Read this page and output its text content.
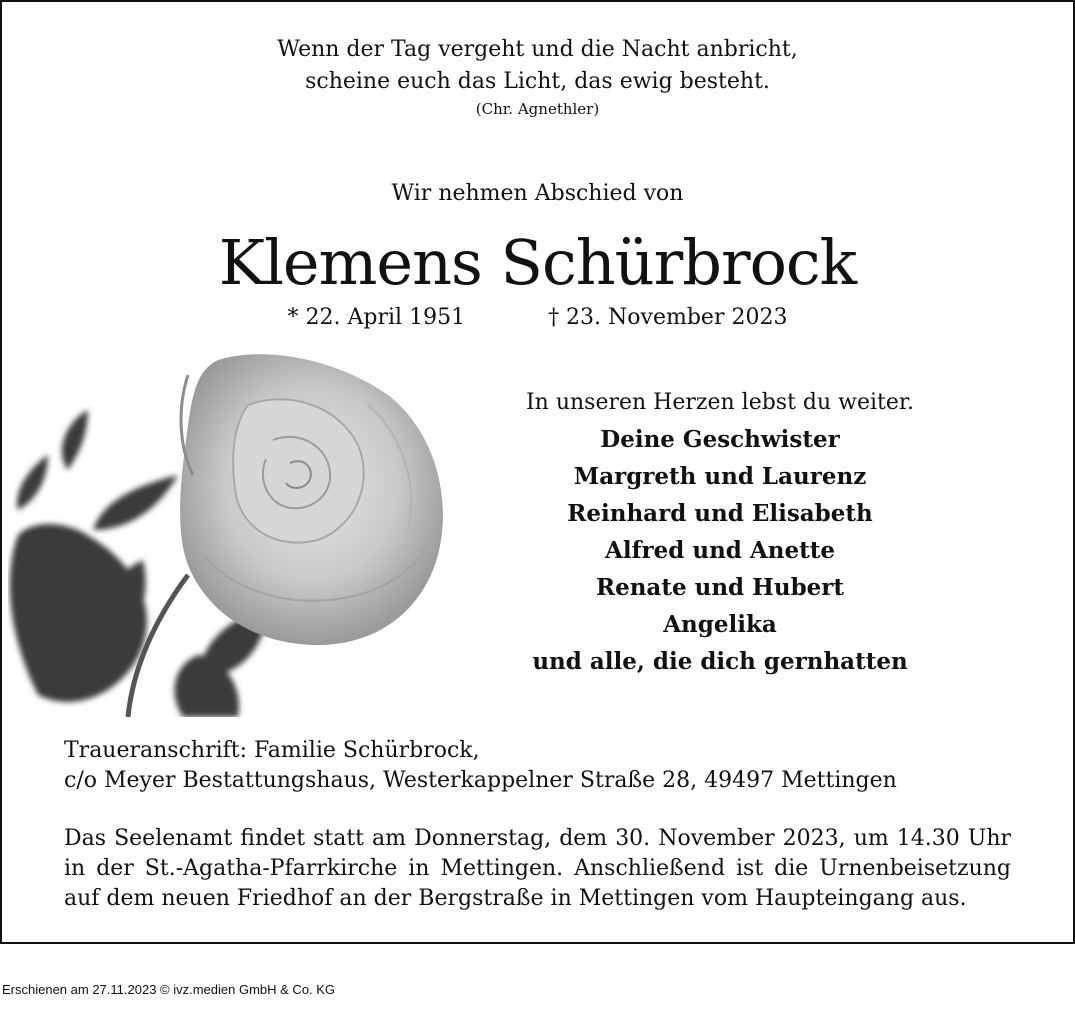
Wenn der Tag vergeht und die Nacht anbricht,
scheine euch das Licht, das ewig besteht.
(Chr. Agnethler)
Wir nehmen Abschied von
Klemens Schürbrock
* 22. April 1951	† 23. November 2023
In unseren Herzen lebst du weiter.
Deine Geschwister
Margreth und Laurenz
Reinhard und Elisabeth
Alfred und Anette
Renate und Hubert
Angelika
und alle, die dich gernhatten
Traueranschrift: Familie Schürbrock,
c/o Meyer Bestattungshaus, Westerkappelner Straße 28, 49497 Mettingen
Das Seelenamt findet statt am Donnerstag, dem 30. November 2023, um 14.30 Uhr in der St.-Agatha-Pfarrkirche in Mettingen. Anschließend ist die Urnenbeisetzung auf dem neuen Friedhof an der Bergstraße in Mettingen vom Haupteingang aus.
Erschienen am 27.11.2023 © ivz.medien GmbH & Co. KG
